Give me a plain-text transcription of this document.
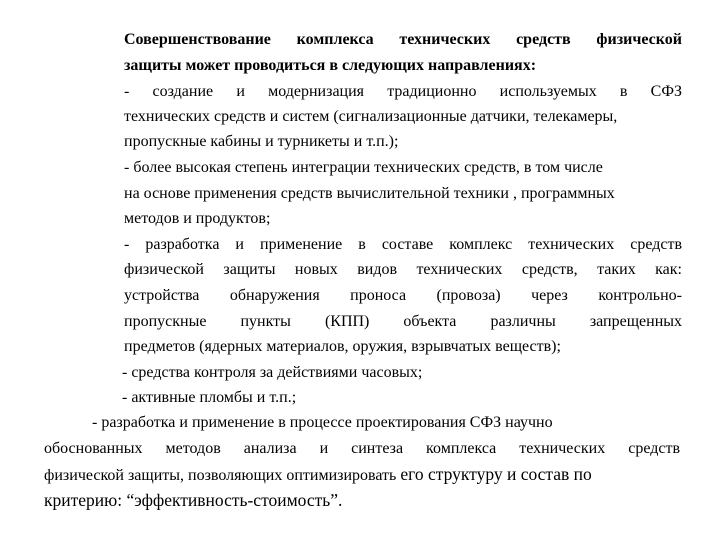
Совершенствование комплекса технических средств физической
защиты может проводиться в следующих направлениях:
- создание и модернизация традиционно используемых в СФЗ
технических средств и систем (сигнализационные датчики, телекамеры,
пропускные кабины и турникеты и т.п.);
- более высокая степень интеграции технических средств, в том числе
на основе применения средств вычислительной техники , программных
методов и продуктов;
- разработка и применение в составе комплекс технических средств
физической защиты новых видов технических средств, таких как:
устройства обнаружения проноса (провоза) через контрольно-
пропускные пункты (КПП) объекта различны запрещенных
предметов (ядерных материалов, оружия, взрывчатых веществ);
- средства контроля за действиями часовых;
- активные пломбы и т.п.;
- разработка и применение в процессе проектирования СФЗ научно
обоснованных методов анализа и синтеза комплекса технических средств
физической защиты, позволяющих оптимизировать его структуру и состав по
критерию: “эффективность-стоимость”.
